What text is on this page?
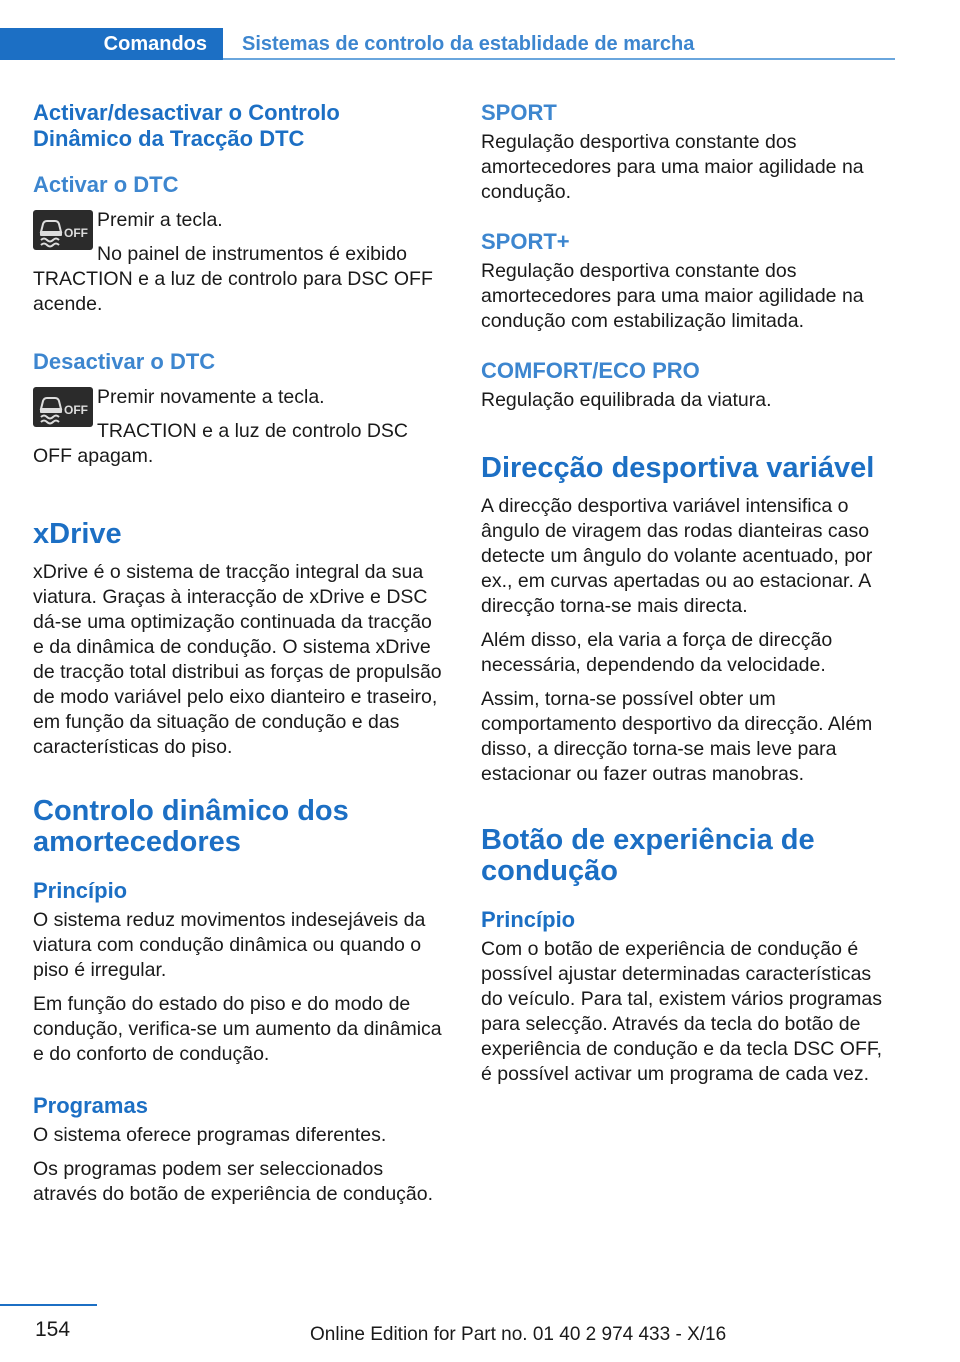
Comandos	Sistemas de controlo da establidade de marcha
Activar/desactivar o Controlo Dinâmico da Tracção DTC
Activar o DTC
OFF

Premir a tecla.

No painel de instrumentos é exibido TRACTION e a luz de controlo para DSC OFF acende.

Desactivar o DTC
OFF

Premir novamente a tecla.

TRACTION e a luz de controlo DSC OFF apagam.

xDrive

xDrive é o sistema de tracção integral da sua viatura. Graças à interacção de xDrive e DSC dá-se uma optimização continuada da tracção e da dinâmica de condução. O sistema xDrive de tracção total distribui as forças de propulsão de modo variável pelo eixo dianteiro e traseiro, em função da situação de condução e das características do piso.

Controlo dinâmico dos amortecedores
Princípio

O sistema reduz movimentos indesejáveis da viatura com condução dinâmica ou quando o piso é irregular.

Em função do estado do piso e do modo de condução, verifica-se um aumento da dinâmica e do conforto de condução.

Programas

O sistema oferece programas diferentes.

Os programas podem ser seleccionados através do botão de experiência de condução.

SPORT

Regulação desportiva constante dos amortecedores para uma maior agilidade na condução.

SPORT+

Regulação desportiva constante dos amortecedores para uma maior agilidade na condução com estabilização limitada.

COMFORT/ECO PRO

Regulação equilibrada da viatura.

Direcção desportiva variável

A direcção desportiva variável intensifica o ângulo de viragem das rodas dianteiras caso detecte um ângulo do volante acentuado, por ex., em curvas apertadas ou ao estacionar. A direcção torna-se mais directa.

Além disso, ela varia a força de direcção necessária, dependendo da velocidade.

Assim, torna-se possível obter um comportamento desportivo da direcção. Além disso, a direcção torna-se mais leve para estacionar ou fazer outras manobras.

Botão de experiência de condução
Princípio

Com o botão de experiência de condução é possível ajustar determinadas características do veículo. Para tal, existem vários programas para selecção. Através da tecla do botão de experiência de condução e da tecla DSC OFF, é possível activar um programa de cada vez.

154	Online Edition for Part no. 01 40 2 974 433 - X/16
